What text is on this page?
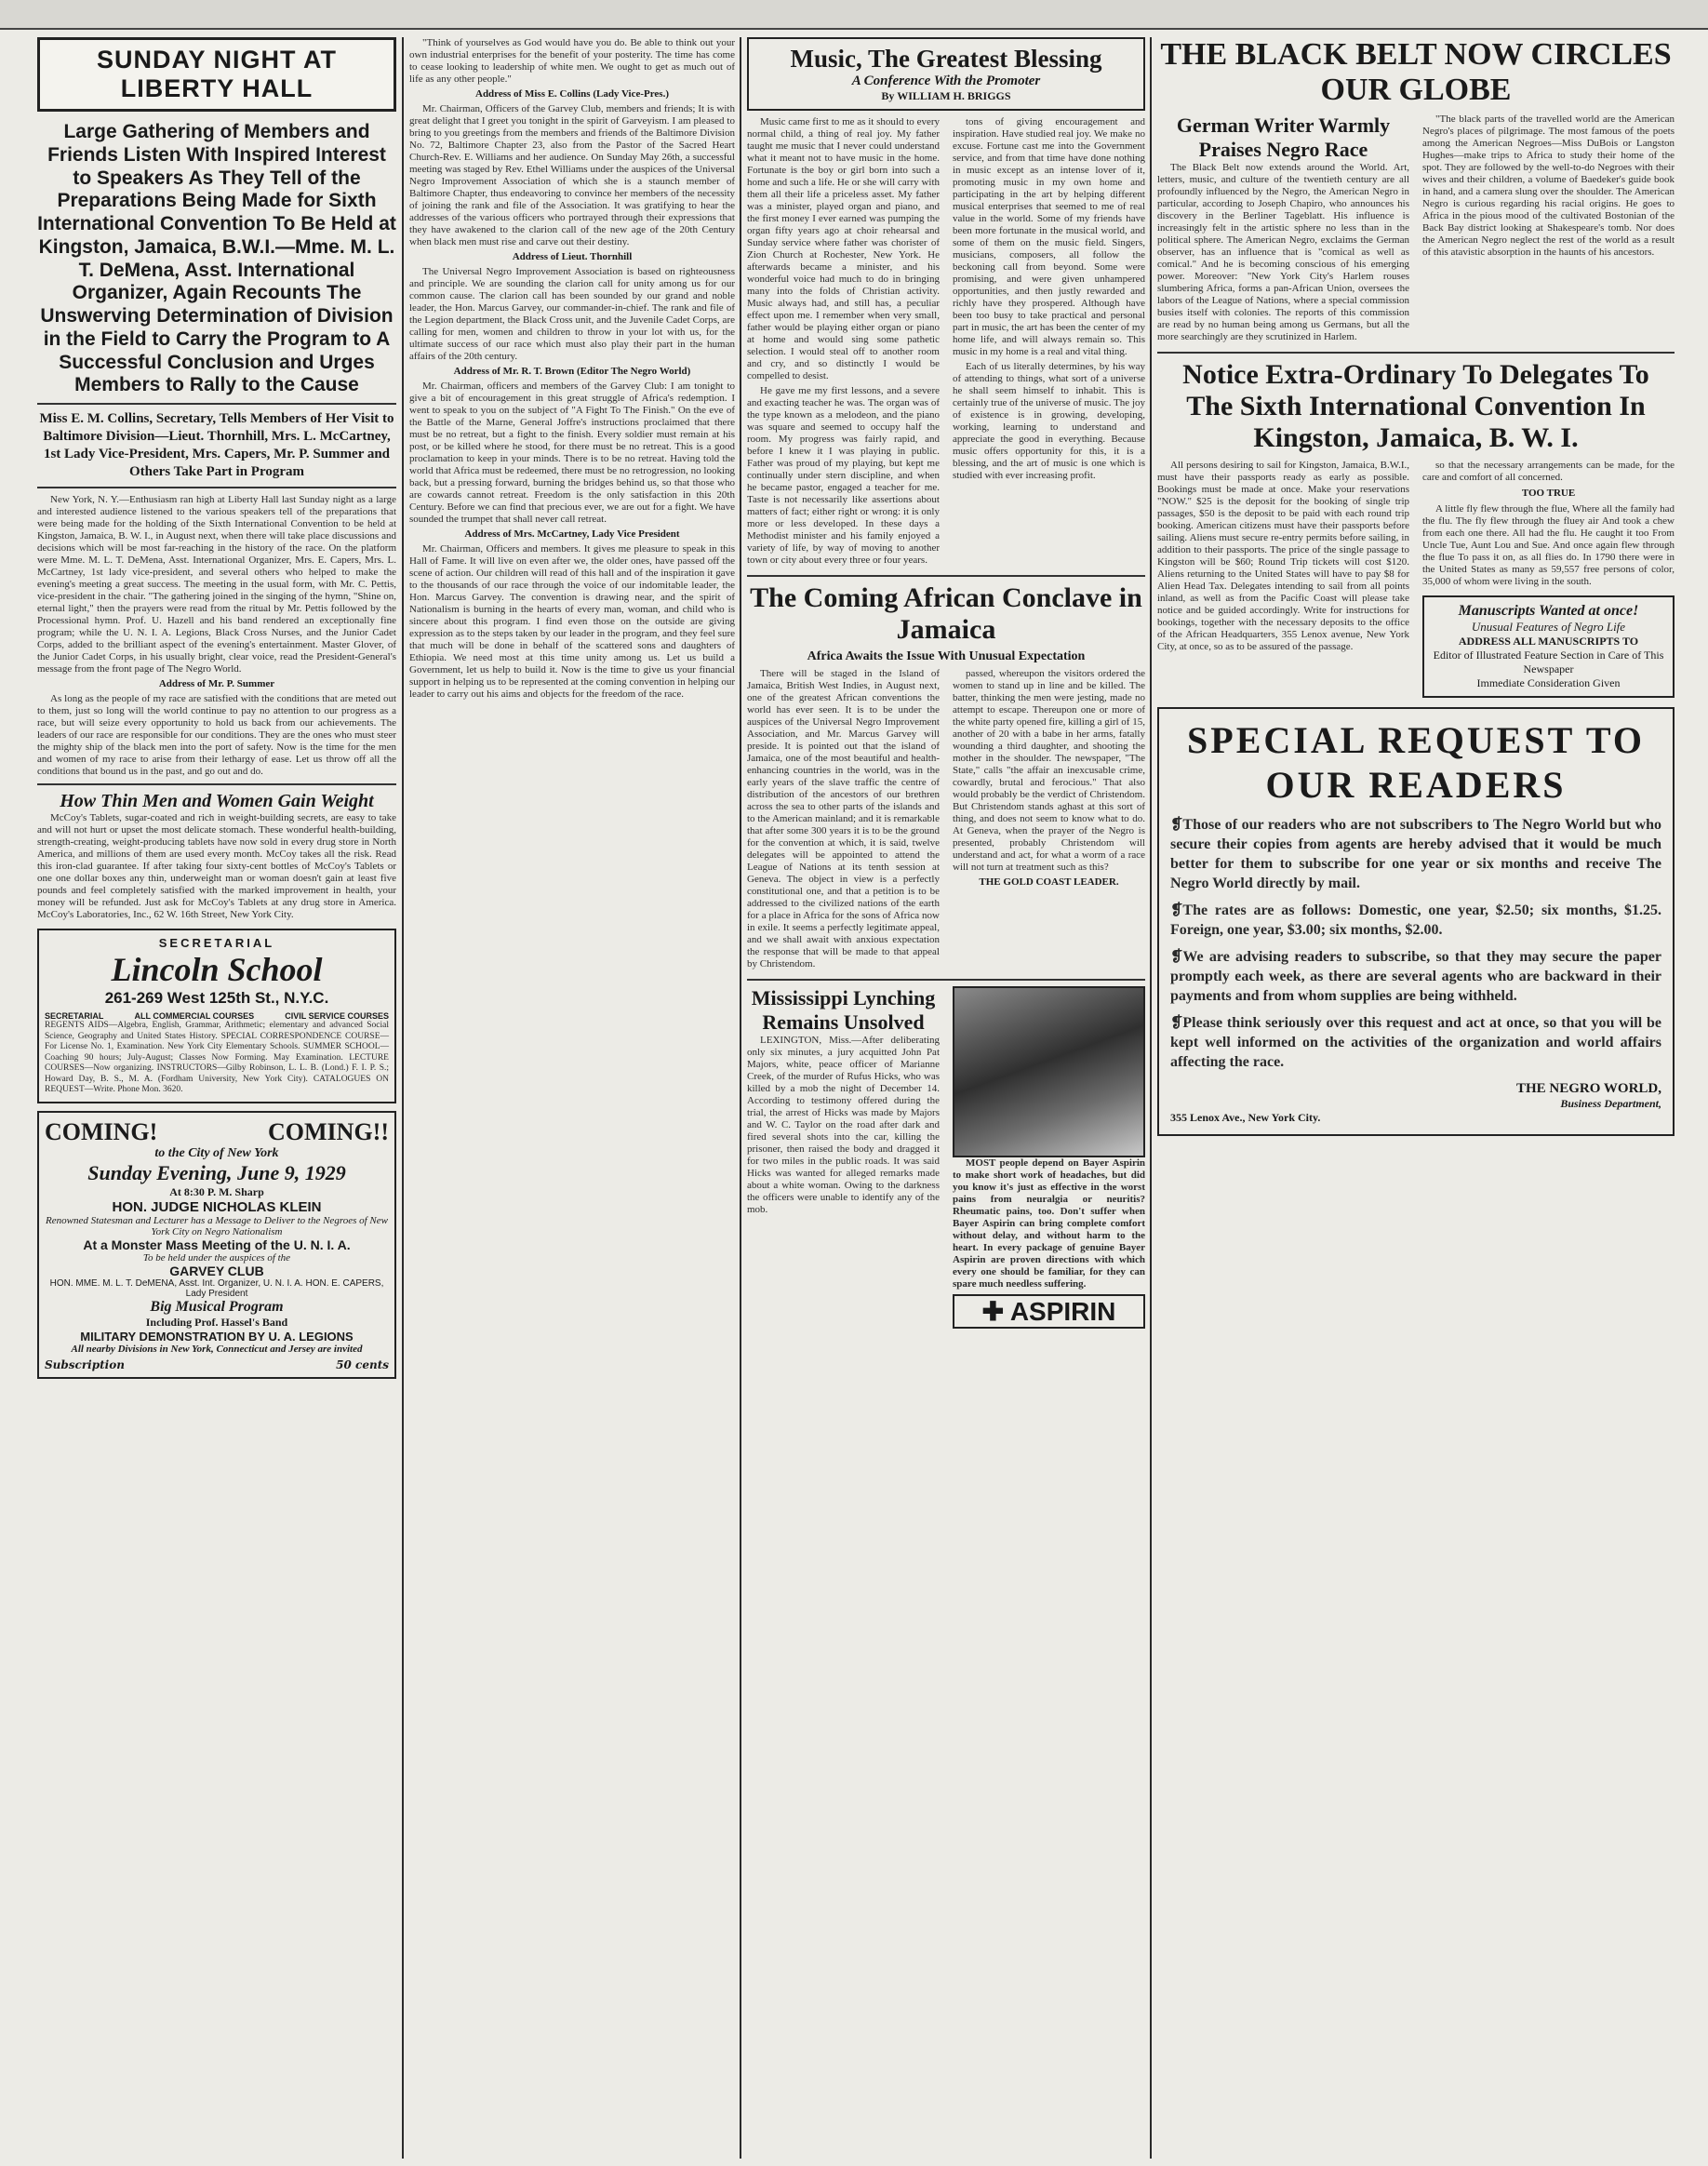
SUNDAY NIGHT AT LIBERTY HALL
Large Gathering of Members and Friends Listen With Inspired Interest to Speakers As They Tell of the Preparations Being Made for Sixth International Convention To Be Held at Kingston, Jamaica, B.W.I.—Mme. M. L. T. DeMena, Asst. International Organizer, Again Recounts The Unswerving Determination of Division in the Field to Carry the Program to A Successful Conclusion and Urges Members to Rally to the Cause
Miss E. M. Collins, Secretary, Tells Members of Her Visit to Baltimore Division—Lieut. Thornhill, Mrs. L. McCartney, 1st Lady Vice-President, Mrs. Capers, Mr. P. Summer and Others Take Part in Program

New York, N. Y.—Enthusiasm ran high at Liberty Hall last Sunday night as a large and interested audience listened to the various speakers tell of the preparations that were being made for the holding of the Sixth International Convention to be held at Kingston, Jamaica, B. W. I., in August next, when there will take place discussions and decisions which will be most far-reaching in the history of the race. On the platform were Mme. M. L. T. DeMena, Asst. International Organizer, Mrs. E. Capers, Mrs. L. McCartney, 1st lady vice-president, and several others who helped to make the evening's meeting a great success. The meeting in the usual form, with Mr. C. Pettis, vice-president in the chair. "The gathering joined in the singing of the hymn, "Shine on, eternal light," then the prayers were read from the ritual by Mr. Pettis followed by the Processional hymn. Prof. U. Hazell and his band rendered an exceptionally fine program; while the U. N. I. A. Legions, Black Cross Nurses, and the Junior Cadet Corps, added to the brilliant aspect of the evening's entertainment. Master Glover, of the Junior Cadet Corps, in his usually bright, clear voice, read the President-General's message from the front page of The Negro World.

Address of Mr. P. Summer

As long as the people of my race are satisfied with the conditions that are meted out to them, just so long will the world continue to pay no attention to our progress as a race, but will seize every opportunity to hold us back from our achievements. The leaders of our race are responsible for our conditions. They are the ones who must steer the mighty ship of the black men into the port of safety. Now is the time for the men and women of my race to arise from their lethargy of ease. Let us throw off all the conditions that bound us in the past, and go out and do.

How Thin Men and Women Gain Weight

McCoy's Tablets, sugar-coated and rich in weight-building secrets, are easy to take and will not hurt or upset the most delicate stomach. These wonderful health-building, strength-creating, weight-producing tablets have now sold in every drug store in North America, and millions of them are used every month. McCoy takes all the risk. Read this iron-clad guarantee. If after taking four sixty-cent bottles of McCoy's Tablets or one one dollar boxes any thin, underweight man or woman doesn't gain at least five pounds and feel completely satisfied with the marked improvement in health, your money will be refunded. Just ask for McCoy's Tablets at any drug store in America. McCoy's Laboratories, Inc., 62 W. 16th Street, New York City.

SECRETARIAL
Lincoln School
261-269 West 125th St., N.Y.C.
SECRETARIAL	ALL COMMERCIAL COURSES	CIVIL SERVICE COURSES
REGENTS AIDS—Algebra, English, Grammar, Arithmetic; elementary and advanced Social Science, Geography and United States History. SPECIAL CORRESPONDENCE COURSE—For License No. 1, Examination. New York City Elementary Schools. SUMMER SCHOOL—Coaching 90 hours; July-August; Classes Now Forming. May Examination. LECTURE COURSES—Now organizing. INSTRUCTORS—Gilby Robinson, L. L. B. (Lond.) F. I. P. S.; Howard Day, B. S., M. A. (Fordham University, New York City). CATALOGUES ON REQUEST—Write. Phone Mon. 3620.
COMING!	COMING!!
to the City of New York
Sunday Evening, June 9, 1929
At 8:30 P. M. Sharp
HON. JUDGE NICHOLAS KLEIN
Renowned Statesman and Lecturer has a Message to Deliver to the Negroes of New York City on Negro Nationalism
At a Monster Mass Meeting of the U. N. I. A.
To be held under the auspices of the
GARVEY CLUB
HON. MME. M. L. T. DeMENA, Asst. Int. Organizer, U. N. I. A. HON. E. CAPERS, Lady President
Big Musical Program
Including Prof. Hassel's Band
MILITARY DEMONSTRATION BY U. A. LEGIONS
All nearby Divisions in New York, Connecticut and Jersey are invited
Subscription	50 cents

"Think of yourselves as God would have you do. Be able to think out your own industrial enterprises for the benefit of your posterity. The time has come to cease looking to leadership of white men. We ought to get as much out of life as any other people."

Address of Miss E. Collins (Lady Vice-Pres.)

Mr. Chairman, Officers of the Garvey Club, members and friends; It is with great delight that I greet you tonight in the spirit of Garveyism. I am pleased to bring to you greetings from the members and friends of the Baltimore Division No. 72, Baltimore Chapter 23, also from the Pastor of the Sacred Heart Church-Rev. E. Williams and her audience. On Sunday May 26th, a successful meeting was staged by Rev. Ethel Williams under the auspices of the Universal Negro Improvement Association of which she is a staunch member of Baltimore Chapter, thus endeavoring to convince her members of the necessity of joining the rank and file of the Association. It was gratifying to hear the addresses of the various officers who portrayed through their expressions that they have awakened to the clarion call of the new age of the 20th Century when black men must rise and carve out their destiny.

Address of Lieut. Thornhill

The Universal Negro Improvement Association is based on righteousness and principle. We are sounding the clarion call for unity among us for our common cause. The clarion call has been sounded by our grand and noble leader, the Hon. Marcus Garvey, our commander-in-chief. The rank and file of the Legion department, the Black Cross unit, and the Juvenile Cadet Corps, are calling for men, women and children to throw in your lot with us, for the ultimate success of our race which must also play their part in the human affairs of the 20th century.

Address of Mr. R. T. Brown (Editor The Negro World)

Mr. Chairman, officers and members of the Garvey Club: I am tonight to give a bit of encouragement in this great struggle of Africa's redemption. I went to speak to you on the subject of "A Fight To The Finish." On the eve of the Battle of the Marne, General Joffre's instructions proclaimed that there must be no retreat, but a fight to the finish. Every soldier must remain at his post, or be killed where he stood, for there must be no retreat. This is a good proclamation to keep in your minds. There is to be no retreat. Having told the world that Africa must be redeemed, there must be no retrogression, no looking back, but a pressing forward, burning the bridges behind us, so that those who are cowards cannot retreat. Freedom is the only satisfaction in this 20th Century. Before we can find that precious ever, we are out for a fight. We have sounded the trumpet that shall never call retreat.

Address of Mrs. McCartney, Lady Vice President

Mr. Chairman, Officers and members. It gives me pleasure to speak in this Hall of Fame. It will live on even after we, the older ones, have passed off the scene of action. Our children will read of this hall and of the inspiration it gave to the thousands of our race through the voice of our indomitable leader, the Hon. Marcus Garvey. The convention is drawing near, and the spirit of Nationalism is burning in the hearts of every man, woman, and child who is sincere about this program. I find even those on the outside are giving expression as to the steps taken by our leader in the program, and they feel sure that much will be done in behalf of the scattered sons and daughters of Ethiopia. We need most at this time unity among us. Let us build a Government, let us help to build it. Now is the time to give us your financial support in helping us to be represented at the coming convention in helping our leader to carry out his aims and objects for the freedom of the race.

Music, The Greatest Blessing
A Conference With the Promoter
By WILLIAM H. BRIGGS

Music came first to me as it should to every normal child, a thing of real joy. My father taught me music that I never could understand what it meant not to have music in the home. Fortunate is the boy or girl born into such a home and such a life. He or she will carry with them all their life a priceless asset. My father was a minister, played organ and piano, and the first money I ever earned was pumping the organ fifty years ago at choir rehearsal and Sunday service where father was chorister of Zion Church at Rochester, New York. He afterwards became a minister, and his wonderful voice had much to do in bringing many into the folds of Christian activity. Music always had, and still has, a peculiar effect upon me. I remember when very small, father would be playing either organ or piano at home and would sing some pathetic selection. I would steal off to another room and cry, and so distinctly I would be compelled to desist.

He gave me my first lessons, and a severe and exacting teacher he was. The organ was of the type known as a melodeon, and the piano was square and seemed to occupy half the room. My progress was fairly rapid, and before I knew it I was playing in public. Father was proud of my playing, but kept me continually under stern discipline, and when he became pastor, engaged a teacher for me. Taste is not necessarily like assertions about matters of fact; either right or wrong: it is only more or less developed. In these days a Methodist minister and his family enjoyed a variety of life, by way of moving to another town or city about every three or four years.

tons of giving encouragement and inspiration. Have studied real joy. We make no excuse. Fortune cast me into the Government service, and from that time have done nothing in music except as an intense lover of it, promoting music in my own home and participating in the art by helping different musical enterprises that seemed to me of real value in the world. Some of my friends have been more fortunate in the musical world, and some of them on the music field. Singers, musicians, composers, all follow the beckoning call from beyond. Some were promising, and were given unhampered opportunities, and then justly rewarded and richly have they prospered. Although have been too busy to take practical and personal part in music, the art has been the center of my home life, and will always remain so. This music in my home is a real and vital thing.

Each of us literally determines, by his way of attending to things, what sort of a universe he shall seem himself to inhabit. This is certainly true of the universe of music. The joy of existence is in growing, developing, working, learning to understand and appreciate the good in everything. Because music offers opportunity for this, it is a blessing, and the art of music is one which is studied with ever increasing profit.

The Coming African Conclave in Jamaica
Africa Awaits the Issue With Unusual Expectation

There will be staged in the Island of Jamaica, British West Indies, in August next, one of the greatest African conventions the world has ever seen. It is to be under the auspices of the Universal Negro Improvement Association, and Mr. Marcus Garvey will preside. It is pointed out that the island of Jamaica, one of the most beautiful and health-enhancing countries in the world, was in the early years of the slave traffic the centre of distribution of the ancestors of our brethren across the sea to other parts of the islands and to the American mainland; and it is remarkable that after some 300 years it is to be the ground for the convention at which, it is said, twelve delegates will be appointed to attend the League of Nations at its tenth session at Geneva. The object in view is a perfectly constitutional one, and that a petition is to be addressed to the civilized nations of the earth for a place in Africa for the sons of Africa now in exile. It seems a perfectly legitimate appeal, and we shall await with anxious expectation the response that will be made to that appeal by Christendom.

passed, whereupon the visitors ordered the women to stand up in line and be killed. The batter, thinking the men were jesting, made no attempt to escape. Thereupon one or more of the white party opened fire, killing a girl of 15, another of 20 with a babe in her arms, fatally wounding a third daughter, and shooting the mother in the shoulder. The newspaper, "The State," calls "the affair an inexcusable crime, cowardly, brutal and ferocious." That also would probably be the verdict of Christendom. But Christendom stands aghast at this sort of thing, and does not seem to know what to do. At Geneva, when the prayer of the Negro is presented, probably Christendom will understand and act, for what a worm of a race will not turn at treatment such as this?

THE GOLD COAST LEADER.
Mississippi Lynching Remains Unsolved

LEXINGTON, Miss.—After deliberating only six minutes, a jury acquitted John Pat Majors, white, peace officer of Marianne Creek, of the murder of Rufus Hicks, who was killed by a mob the night of December 14. According to testimony offered during the trial, the arrest of Hicks was made by Majors and W. C. Taylor on the road after dark and fired several shots into the car, killing the prisoner, then raised the body and dragged it for two miles in the public roads. It was said Hicks was wanted for alleged remarks made about a white woman. Owing to the darkness the officers were unable to identify any of the mob.

MOST people depend on Bayer Aspirin to make short work of headaches, but did you know it's just as effective in the worst pains from neuralgia or neuritis? Rheumatic pains, too. Don't suffer when Bayer Aspirin can bring complete comfort without delay, and without harm to the heart. In every package of genuine Bayer Aspirin are proven directions with which every one should be familiar, for they can spare much needless suffering.

✚ ASPIRIN
THE BLACK BELT NOW CIRCLES OUR GLOBE
German Writer Warmly Praises Negro Race

The Black Belt now extends around the World. Art, letters, music, and culture of the twentieth century are all profoundly influenced by the Negro, the American Negro in particular, according to Joseph Chapiro, who announces his discovery in the Berliner Tageblatt. His influence is increasingly felt in the artistic sphere no less than in the political sphere. The American Negro, exclaims the German observer, has an influence that is "comical as well as comical." And he is becoming conscious of his emerging power. Moreover: "New York City's Harlem rouses slumbering Africa, forms a pan-African Union, oversees the labors of the League of Nations, where a special commission busies itself with colonies. The reports of this commission are read by no human being among us Germans, but all the more searchingly are they scrutinized in Harlem.

"The black parts of the travelled world are the American Negro's places of pilgrimage. The most famous of the poets among the American Negroes—Miss DuBois or Langston Hughes—make trips to Africa to study their home of the spot. They are followed by the well-to-do Negroes with their wives and their children, a volume of Baedeker's guide book in hand, and a camera slung over the shoulder. The American Negro is curious regarding his racial origins. He goes to Africa in the pious mood of the cultivated Bostonian of the Back Bay district looking at Shakespeare's tomb. Nor does the American Negro neglect the rest of the world as a result of this atavistic absorption in the haunts of his ancestors.

Notice Extra-Ordinary To Delegates To The Sixth International Convention In Kingston, Jamaica, B. W. I.

All persons desiring to sail for Kingston, Jamaica, B.W.I., must have their passports ready as early as possible. Bookings must be made at once. Make your reservations "NOW." $25 is the deposit for the booking of single trip passages, $50 is the deposit to be paid with each round trip booking. American citizens must have their passports before sailing. Aliens must secure re-entry permits before sailing, in addition to their passports. The price of the single passage to Kingston will be $60; Round Trip tickets will cost $120. Aliens returning to the United States will have to pay $8 for Alien Head Tax. Delegates intending to sail from all points inland, as well as from the Pacific Coast will please take notice and be guided accordingly. Write for instructions for bookings, together with the necessary deposits to the office of the African Headquarters, 355 Lenox avenue, New York City, at once, so as to be assured of the passage.

so that the necessary arrangements can be made, for the care and comfort of all concerned.

TOO TRUE

A little fly flew through the flue, Where all the family had the flu. The fly flew through the fluey air And took a chew from each one there. All had the flu. He caught it too From Uncle Tue, Aunt Lou and Sue. And once again flew through the flue To pass it on, as all flies do. In 1790 there were in the United States as many as 59,557 free persons of color, 35,000 of whom were living in the south.

Manuscripts Wanted at once!
Unusual Features of Negro Life
ADDRESS ALL MANUSCRIPTS TO
Editor of Illustrated Feature Section in Care of This Newspaper
Immediate Consideration Given
SPECIAL REQUEST TO OUR READERS
❡Those of our readers who are not subscribers to The Negro World but who secure their copies from agents are hereby advised that it would be much better for them to subscribe for one year or six months and receive The Negro World directly by mail.
❡The rates are as follows: Domestic, one year, $2.50; six months, $1.25. Foreign, one year, $3.00; six months, $2.00.
❡We are advising readers to subscribe, so that they may secure the paper promptly each week, as there are several agents who are backward in their payments and from whom supplies are being withheld.
❡Please think seriously over this request and act at once, so that you will be kept well informed on the activities of the organization and world affairs affecting the race.
THE NEGRO WORLD,
Business Department,
355 Lenox Ave., New York City.
